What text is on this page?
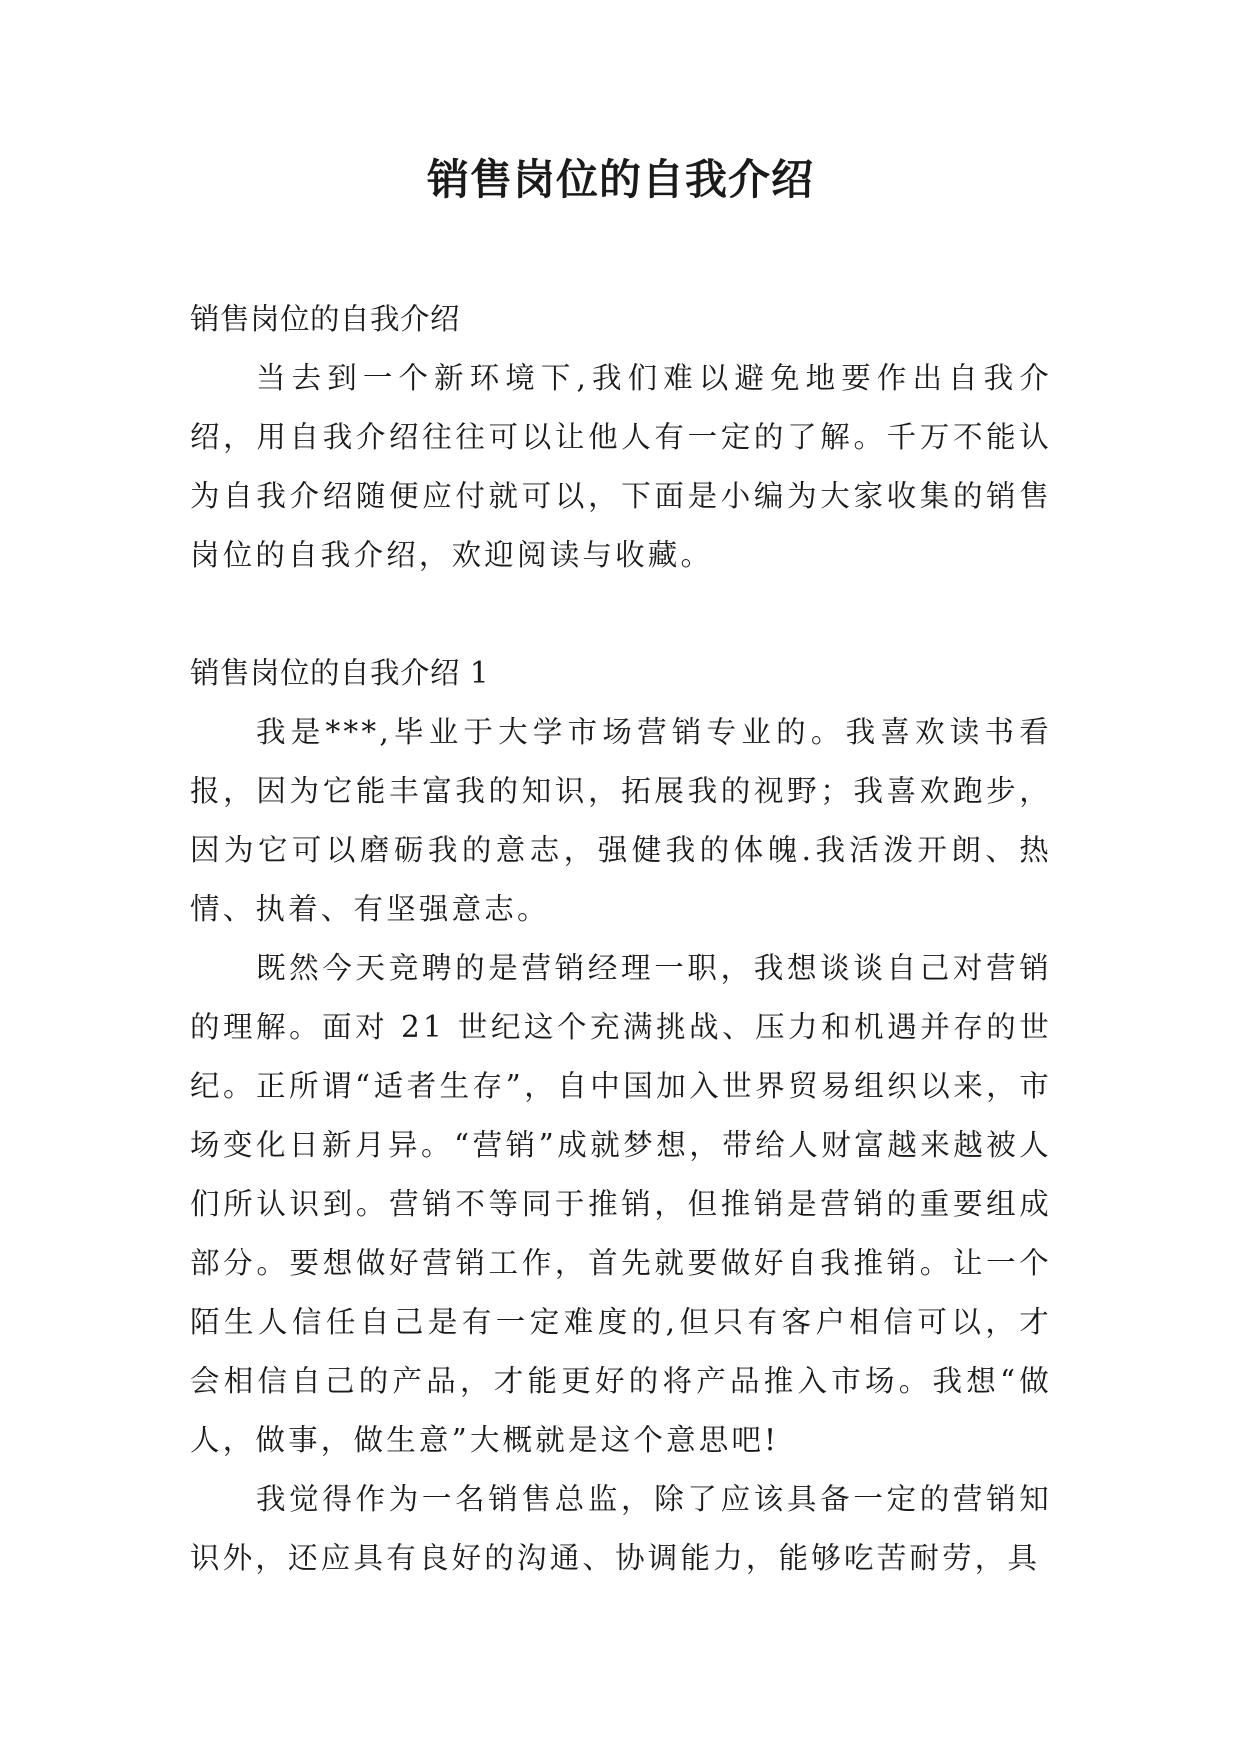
销售岗位的自我介绍

销售岗位的自我介绍

当去到一个新环境下,我们难以避免地要作出自我介绍，用自我介绍往往可以让他人有一定的了解。千万不能认为自我介绍随便应付就可以，下面是小编为大家收集的销售岗位的自我介绍，欢迎阅读与收藏。

销售岗位的自我介绍 1

我是***,毕业于大学市场营销专业的。我喜欢读书看报，因为它能丰富我的知识，拓展我的视野；我喜欢跑步，因为它可以磨砺我的意志，强健我的体魄.我活泼开朗、热情、执着、有坚强意志。

既然今天竞聘的是营销经理一职，我想谈谈自己对营销的理解。面对 21 世纪这个充满挑战、压力和机遇并存的世纪。正所谓“适者生存”，自中国加入世界贸易组织以来，市场变化日新月异。“营销”成就梦想，带给人财富越来越被人们所认识到。营销不等同于推销，但推销是营销的重要组成部分。要想做好营销工作，首先就要做好自我推销。让一个陌生人信任自己是有一定难度的,但只有客户相信可以，才会相信自己的产品，才能更好的将产品推入市场。我想“做人，做事，做生意”大概就是这个意思吧!

我觉得作为一名销售总监，除了应该具备一定的营销知识外，还应具有良好的沟通、协调能力，能够吃苦耐劳，具
